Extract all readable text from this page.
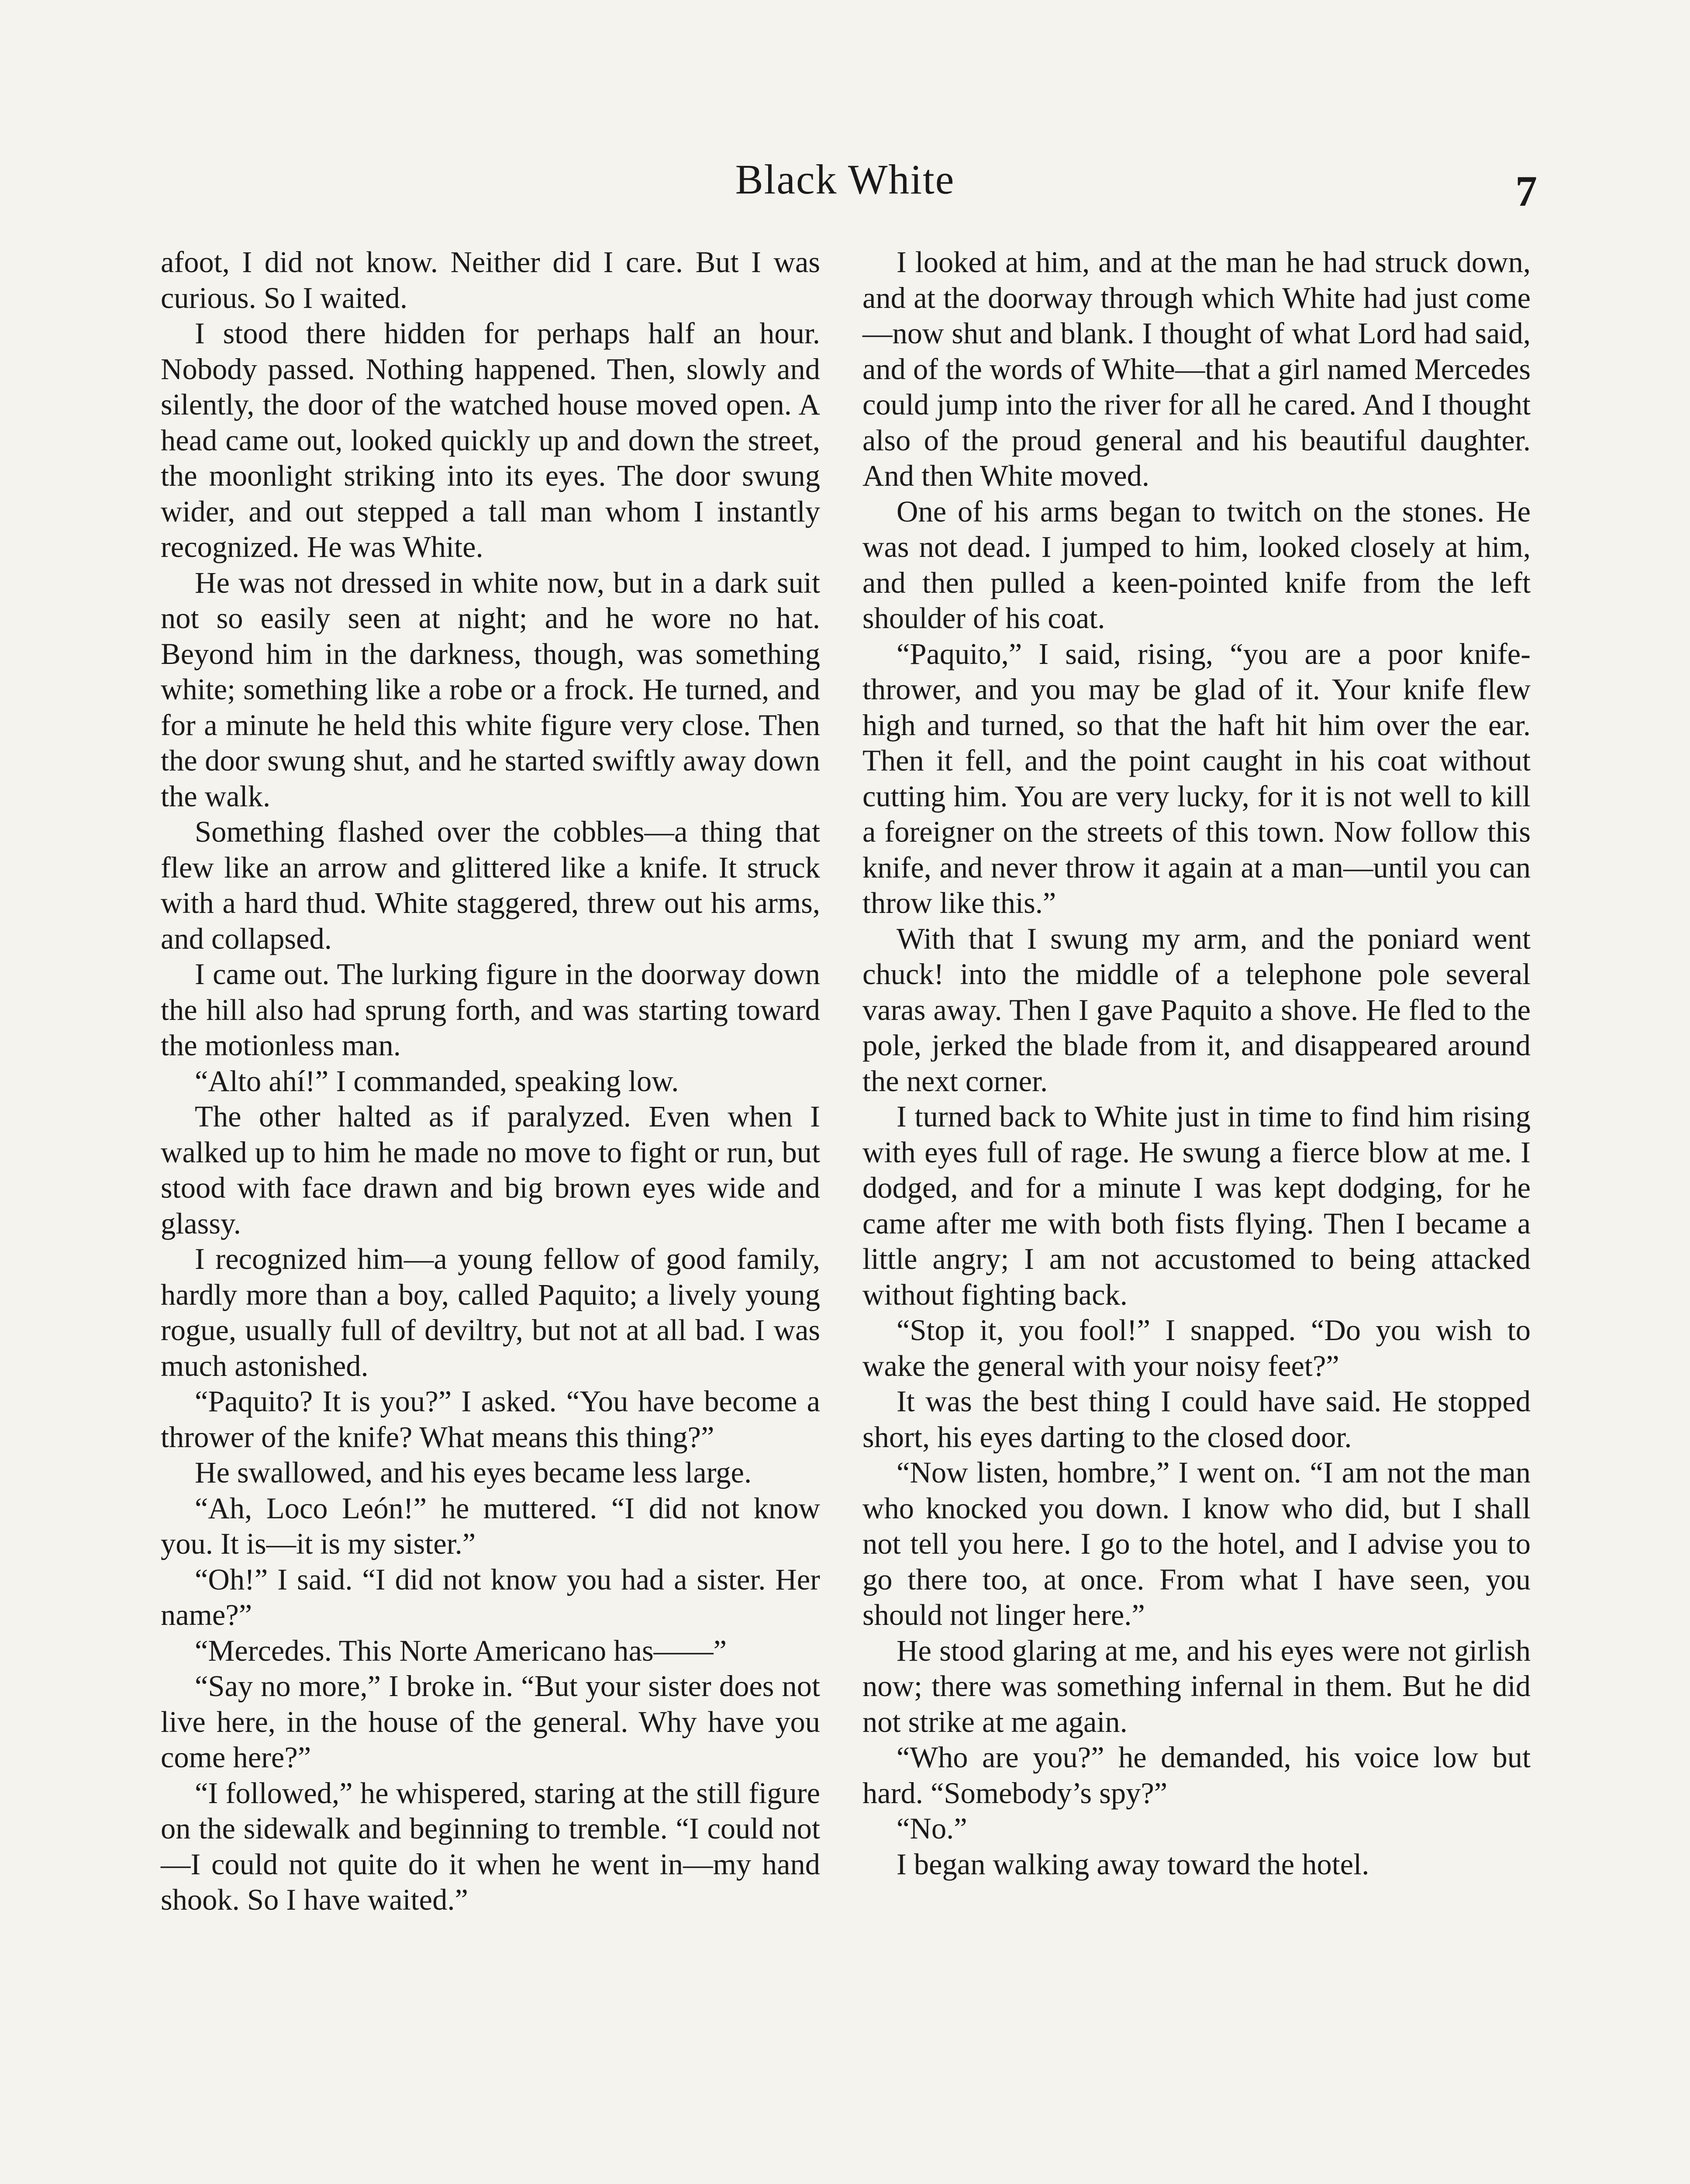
Black White	7

afoot, I did not know. Neither did I care. But I was curious. So I waited.

I stood there hidden for perhaps half an hour. Nobody passed. Nothing happened. Then, slowly and silently, the door of the watched house moved open. A head came out, looked quickly up and down the street, the moonlight striking into its eyes. The door swung wider, and out stepped a tall man whom I instantly recognized. He was White.

He was not dressed in white now, but in a dark suit not so easily seen at night; and he wore no hat. Beyond him in the darkness, though, was something white; something like a robe or a frock. He turned, and for a minute he held this white figure very close. Then the door swung shut, and he started swiftly away down the walk.

Something flashed over the cobbles—a thing that flew like an arrow and glittered like a knife. It struck with a hard thud. White staggered, threw out his arms, and collapsed.

I came out. The lurking figure in the doorway down the hill also had sprung forth, and was starting toward the motionless man.

“Alto ahí!” I commanded, speaking low.

The other halted as if paralyzed. Even when I walked up to him he made no move to fight or run, but stood with face drawn and big brown eyes wide and glassy.

I recognized him—a young fellow of good family, hardly more than a boy, called Paquito; a lively young rogue, usually full of deviltry, but not at all bad. I was much astonished.

“Paquito? It is you?” I asked. “You have become a thrower of the knife? What means this thing?”

He swallowed, and his eyes became less large.

“Ah, Loco León!” he muttered. “I did not know you. It is—it is my sister.”

“Oh!” I said. “I did not know you had a sister. Her name?”

“Mercedes. This Norte Americano has——”

“Say no more,” I broke in. “But your sister does not live here, in the house of the general. Why have you come here?”

“I followed,” he whispered, staring at the still figure on the sidewalk and beginning to tremble. “I could not—I could not quite do it when he went in—my hand shook. So I have waited.”

I looked at him, and at the man he had struck down, and at the doorway through which White had just come—now shut and blank. I thought of what Lord had said, and of the words of White—that a girl named Mercedes could jump into the river for all he cared. And I thought also of the proud general and his beautiful daughter. And then White moved.

One of his arms began to twitch on the stones. He was not dead. I jumped to him, looked closely at him, and then pulled a keen-pointed knife from the left shoulder of his coat.

“Paquito,” I said, rising, “you are a poor knife-thrower, and you may be glad of it. Your knife flew high and turned, so that the haft hit him over the ear. Then it fell, and the point caught in his coat without cutting him. You are very lucky, for it is not well to kill a foreigner on the streets of this town. Now follow this knife, and never throw it again at a man—until you can throw like this.”

With that I swung my arm, and the poniard went chuck! into the middle of a telephone pole several varas away. Then I gave Paquito a shove. He fled to the pole, jerked the blade from it, and disappeared around the next corner.

I turned back to White just in time to find him rising with eyes full of rage. He swung a fierce blow at me. I dodged, and for a minute I was kept dodging, for he came after me with both fists flying. Then I became a little angry; I am not accustomed to being attacked without fighting back.

“Stop it, you fool!” I snapped. “Do you wish to wake the general with your noisy feet?”

It was the best thing I could have said. He stopped short, his eyes darting to the closed door.

“Now listen, hombre,” I went on. “I am not the man who knocked you down. I know who did, but I shall not tell you here. I go to the hotel, and I advise you to go there too, at once. From what I have seen, you should not linger here.”

He stood glaring at me, and his eyes were not girlish now; there was something infernal in them. But he did not strike at me again.

“Who are you?” he demanded, his voice low but hard. “Somebody’s spy?”

“No.”

I began walking away toward the hotel.
